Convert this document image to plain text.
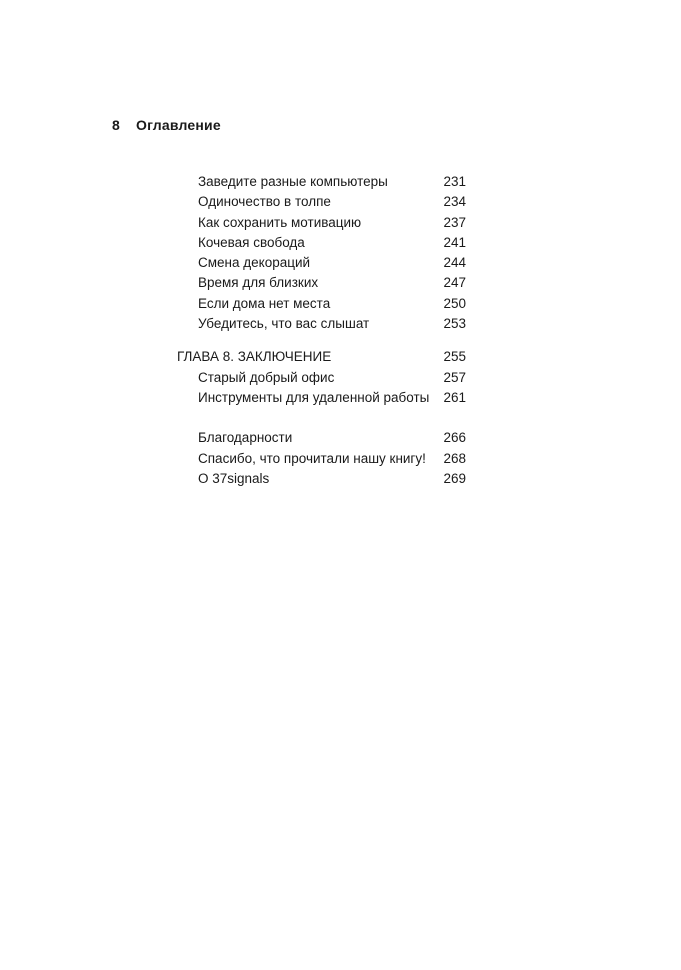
8 Оглавление
Заведите разные компьютеры	231
Одиночество в толпе	234
Как сохранить мотивацию	237
Кочевая свобода	241
Смена декораций	244
Время для близких	247
Если дома нет места	250
Убедитесь, что вас слышат	253
ГЛАВА 8. ЗАКЛЮЧЕНИЕ	255
Старый добрый офис	257
Инструменты для удаленной работы 261
Благодарности	266
Спасибо, что прочитали нашу книгу! 268
О 37signals	269
